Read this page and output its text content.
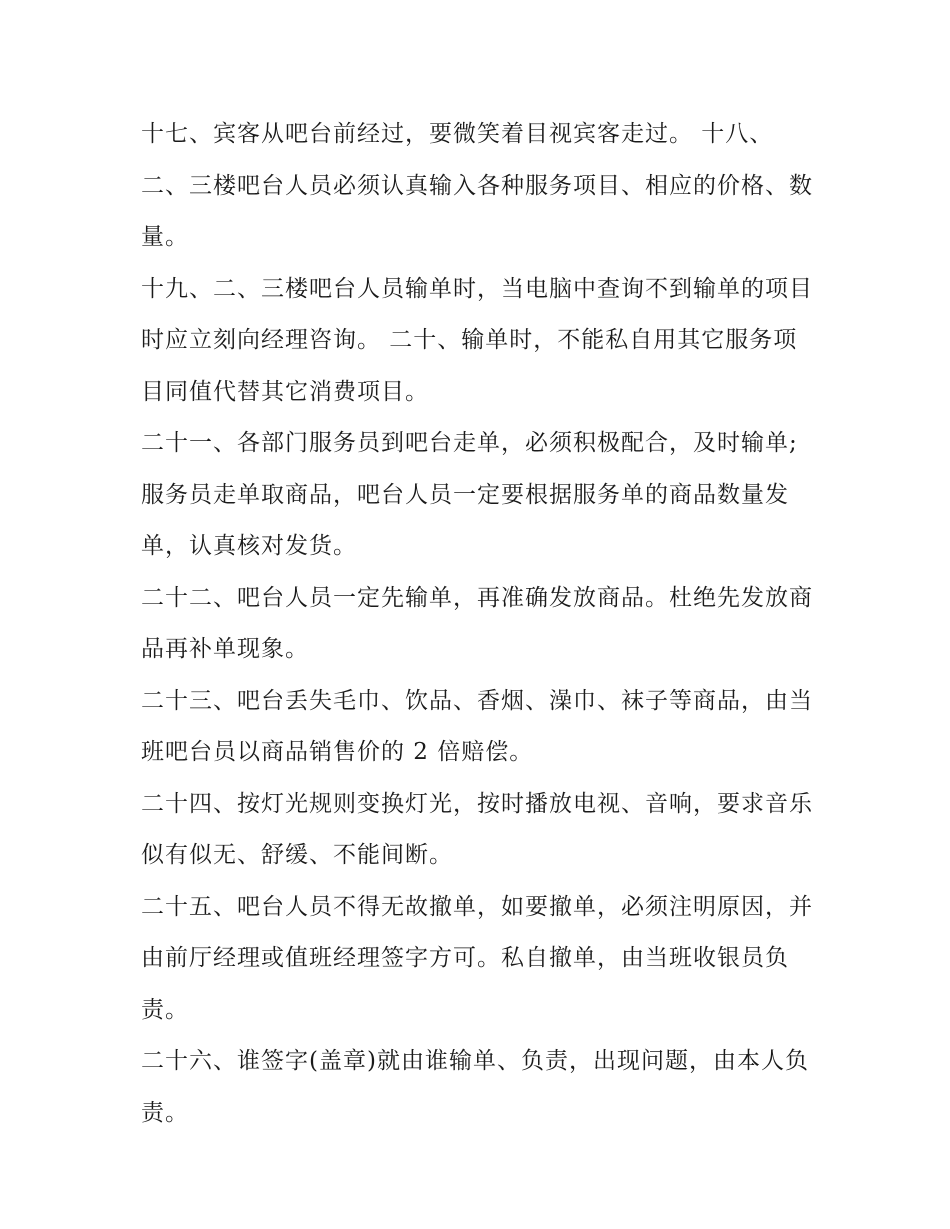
十七、宾客从吧台前经过，要微笑着目视宾客走过。 十八、二、三楼吧台人员必须认真输入各种服务项目、相应的价格、数量。

十九、二、三楼吧台人员输单时，当电脑中查询不到输单的项目时应立刻向经理咨询。 二十、输单时，不能私自用其它服务项目同值代替其它消费项目。

二十一、各部门服务员到吧台走单，必须积极配合，及时输单;服务员走单取商品，吧台人员一定要根据服务单的商品数量发单，认真核对发货。

二十二、吧台人员一定先输单，再准确发放商品。杜绝先发放商品再补单现象。

二十三、吧台丢失毛巾、饮品、香烟、澡巾、袜子等商品，由当班吧台员以商品销售价的 2 倍赔偿。

二十四、按灯光规则变换灯光，按时播放电视、音响，要求音乐似有似无、舒缓、不能间断。

二十五、吧台人员不得无故撤单，如要撤单，必须注明原因，并由前厅经理或值班经理签字方可。私自撤单，由当班收银员负责。

二十六、谁签字(盖章)就由谁输单、负责，出现问题，由本人负责。
